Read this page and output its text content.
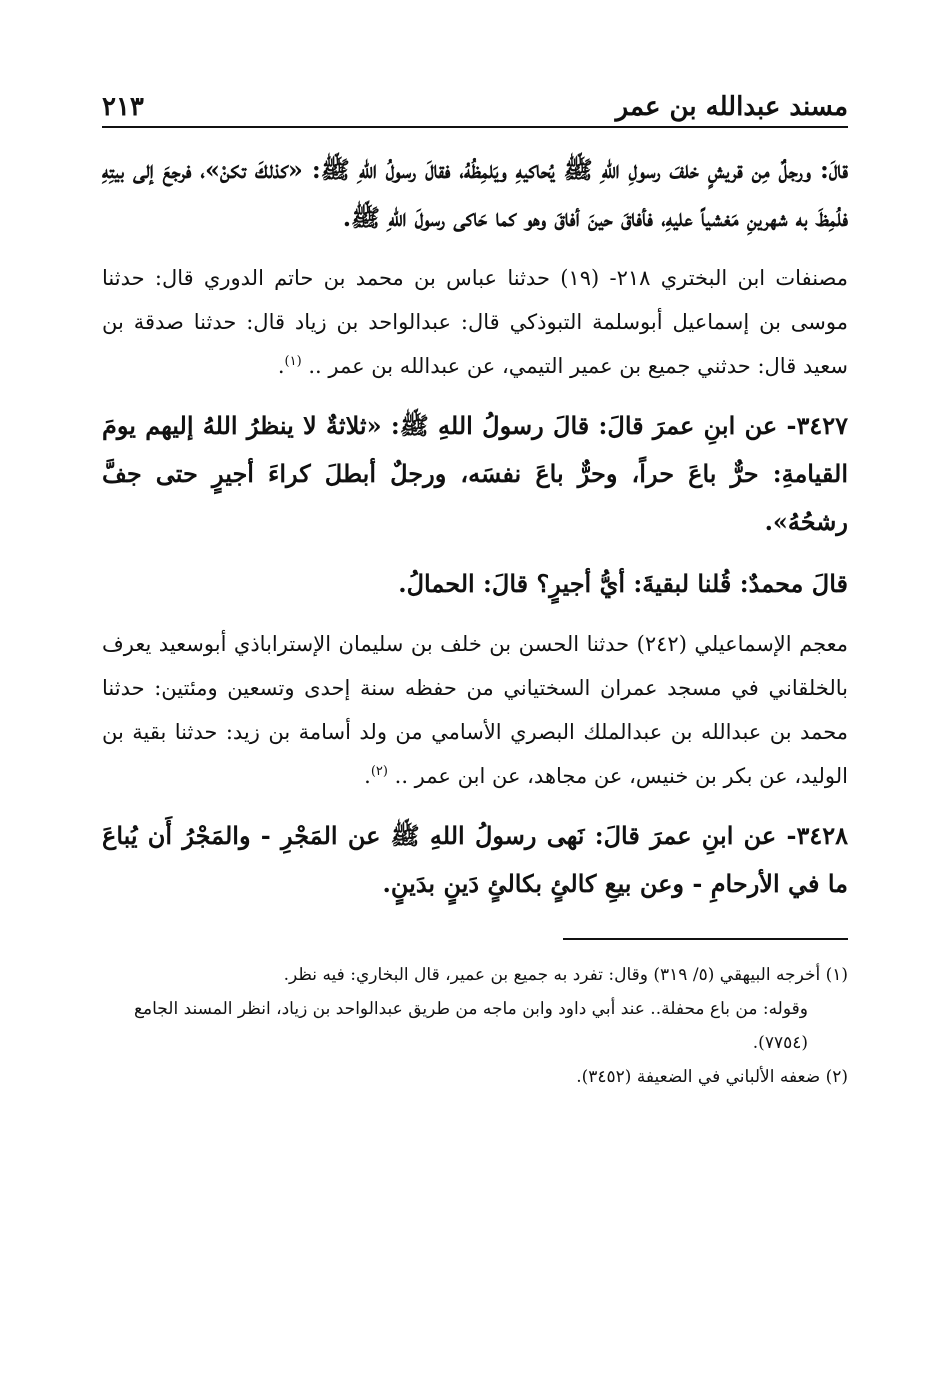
مسند عبدالله بن عمر
٢١٣

قالَ: ورجلٌ مِن قريشٍ خلفَ رسولِ اللهِ ﷺ يُحاكيهِ ويَلمِظُهُ، فقالَ رسولُ اللهِ ﷺ: «كذلكَ تكنْ»، فرجعَ إلى بيتِهِ فلُمِظَ به شهرينِ مَغشياً عليهِ، فأفاقَ حينَ أفاقَ وهو كما حَاكى رسولَ اللهِ ﷺ.

مصنفات ابن البختري ٢١٨- (١٩) حدثنا عباس بن محمد بن حاتم الدوري قال: حدثنا موسى بن إسماعيل أبوسلمة التبوذكي قال: عبدالواحد بن زياد قال: حدثنا صدقة بن سعيد قال: حدثني جميع بن عمير التيمي، عن عبدالله بن عمر .. $^{(١)}$.

٣٤٢٧- عن ابنِ عمرَ قالَ: قالَ رسولُ اللهِ ﷺ: «ثلاثةٌ لا ينظرُ اللهُ إليهم يومَ القيامةِ: حرٌّ باعَ حراً، وحرٌّ باعَ نفسَه، ورجلٌ أبطلَ كراءَ أجيرٍ حتى جفَّ رشحُهُ».

قالَ محمدٌ: قُلنا لبقيةَ: أيُّ أجيرٍ؟ قالَ: الحمالُ.

معجم الإسماعيلي (٢٤٢) حدثنا الحسن بن خلف بن سليمان الإستراباذي أبوسعيد يعرف بالخلقاني في مسجد عمران السختياني من حفظه سنة إحدى وتسعين ومئتين: حدثنا محمد بن عبدالله بن عبدالملك البصري الأسامي من ولد أسامة بن زيد: حدثنا بقية بن الوليد، عن بكر بن خنيس، عن مجاهد، عن ابن عمر .. $^{(٢)}$.

٣٤٢٨- عن ابنِ عمرَ قالَ: نَهى رسولُ اللهِ ﷺ عن المَجْرِ - والمَجْرُ أَن يُباعَ ما في الأرحامِ - وعن بيعِ كالئٍ بكالئٍ دَينٍ بدَينٍ.

(١) أخرجه البيهقي (٥/ ٣١٩) وقال: تفرد به جميع بن عمير، قال البخاري: فيه نظر.

وقوله: من باع محفلة.. عند أبي داود وابن ماجه من طريق عبدالواحد بن زياد، انظر المسند الجامع (٧٧٥٤).

(٢) ضعفه الألباني في الضعيفة (٣٤٥٢).
